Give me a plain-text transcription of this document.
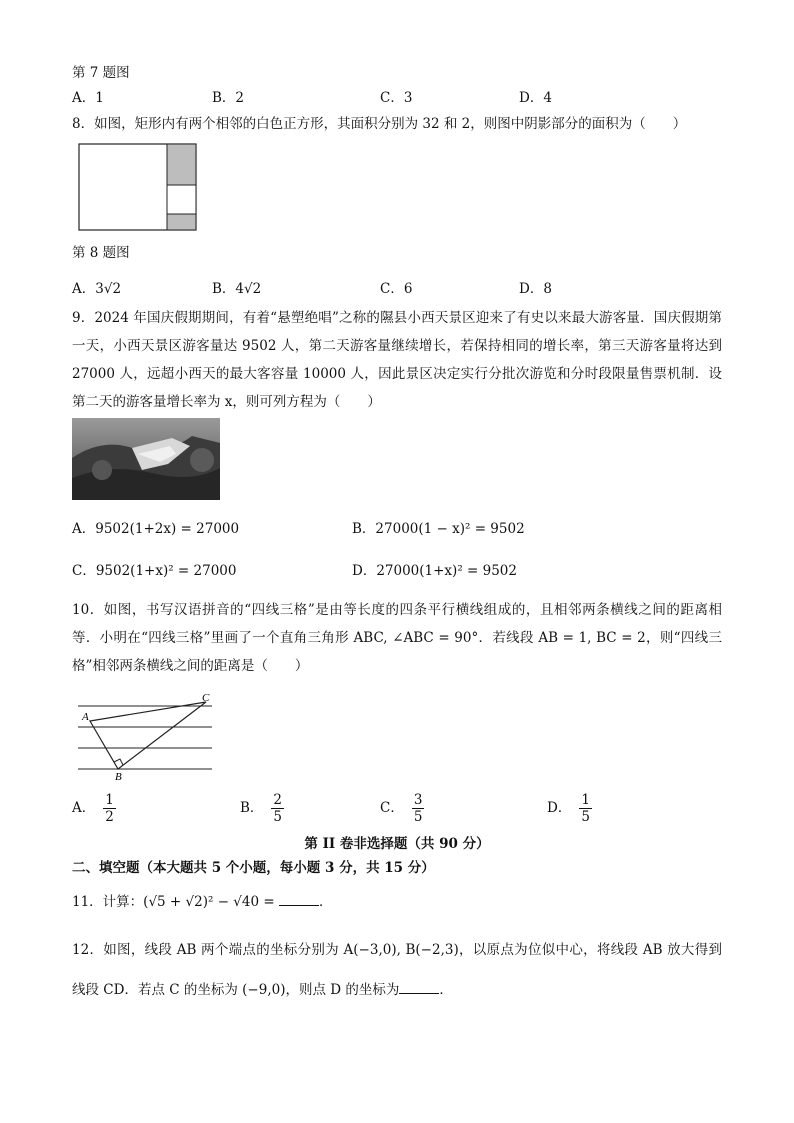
第 7 题图
A．1	B．2	C．3	D．4
8．如图，矩形内有两个相邻的白色正方形，其面积分别为 32 和 2，则图中阴影部分的面积为（　　）
第 8 题图
A．3√2	B．4√2	C．6	D．8
9．2024 年国庆假期期间，有着“悬塑绝唱”之称的隰县小西天景区迎来了有史以来最大游客量．国庆假期第一天，小西天景区游客量达 9502 人，第二天游客量继续增长，若保持相同的增长率，第三天游客量将达到 27000 人，远超小西天的最大客容量 10000 人，因此景区决定实行分批次游览和分时段限量售票机制．设第二天的游客量增长率为 x，则可列方程为（　　）
A．9502(1+2x) = 27000	B．27000(1 − x)² = 9502
C．9502(1+x)² = 27000	D．27000(1+x)² = 9502
10．如图，书写汉语拼音的“四线三格”是由等长度的四条平行横线组成的，且相邻两条横线之间的距离相等．小明在“四线三格”里画了一个直角三角形 ABC, ∠ABC = 90°．若线段 AB = 1, BC = 2，则“四线三格”相邻两条横线之间的距离是（　　）
A
C
B
A． $\frac{1}{2}$	B． $\frac{2}{5}$	C． $\frac{3}{5}$	D． $\frac{1}{5}$
第 II 卷非选择题（共 90 分）
二、填空题（本大题共 5 个小题，每小题 3 分，共 15 分）
11．计算：(√5 + √2)² − √40 =	．
12．如图，线段 AB 两个端点的坐标分别为 A(−3,0), B(−2,3)，以原点为位似中心，将线段 AB 放大得到线段 CD．若点 C 的坐标为 (−9,0)，则点 D 的坐标为	．
